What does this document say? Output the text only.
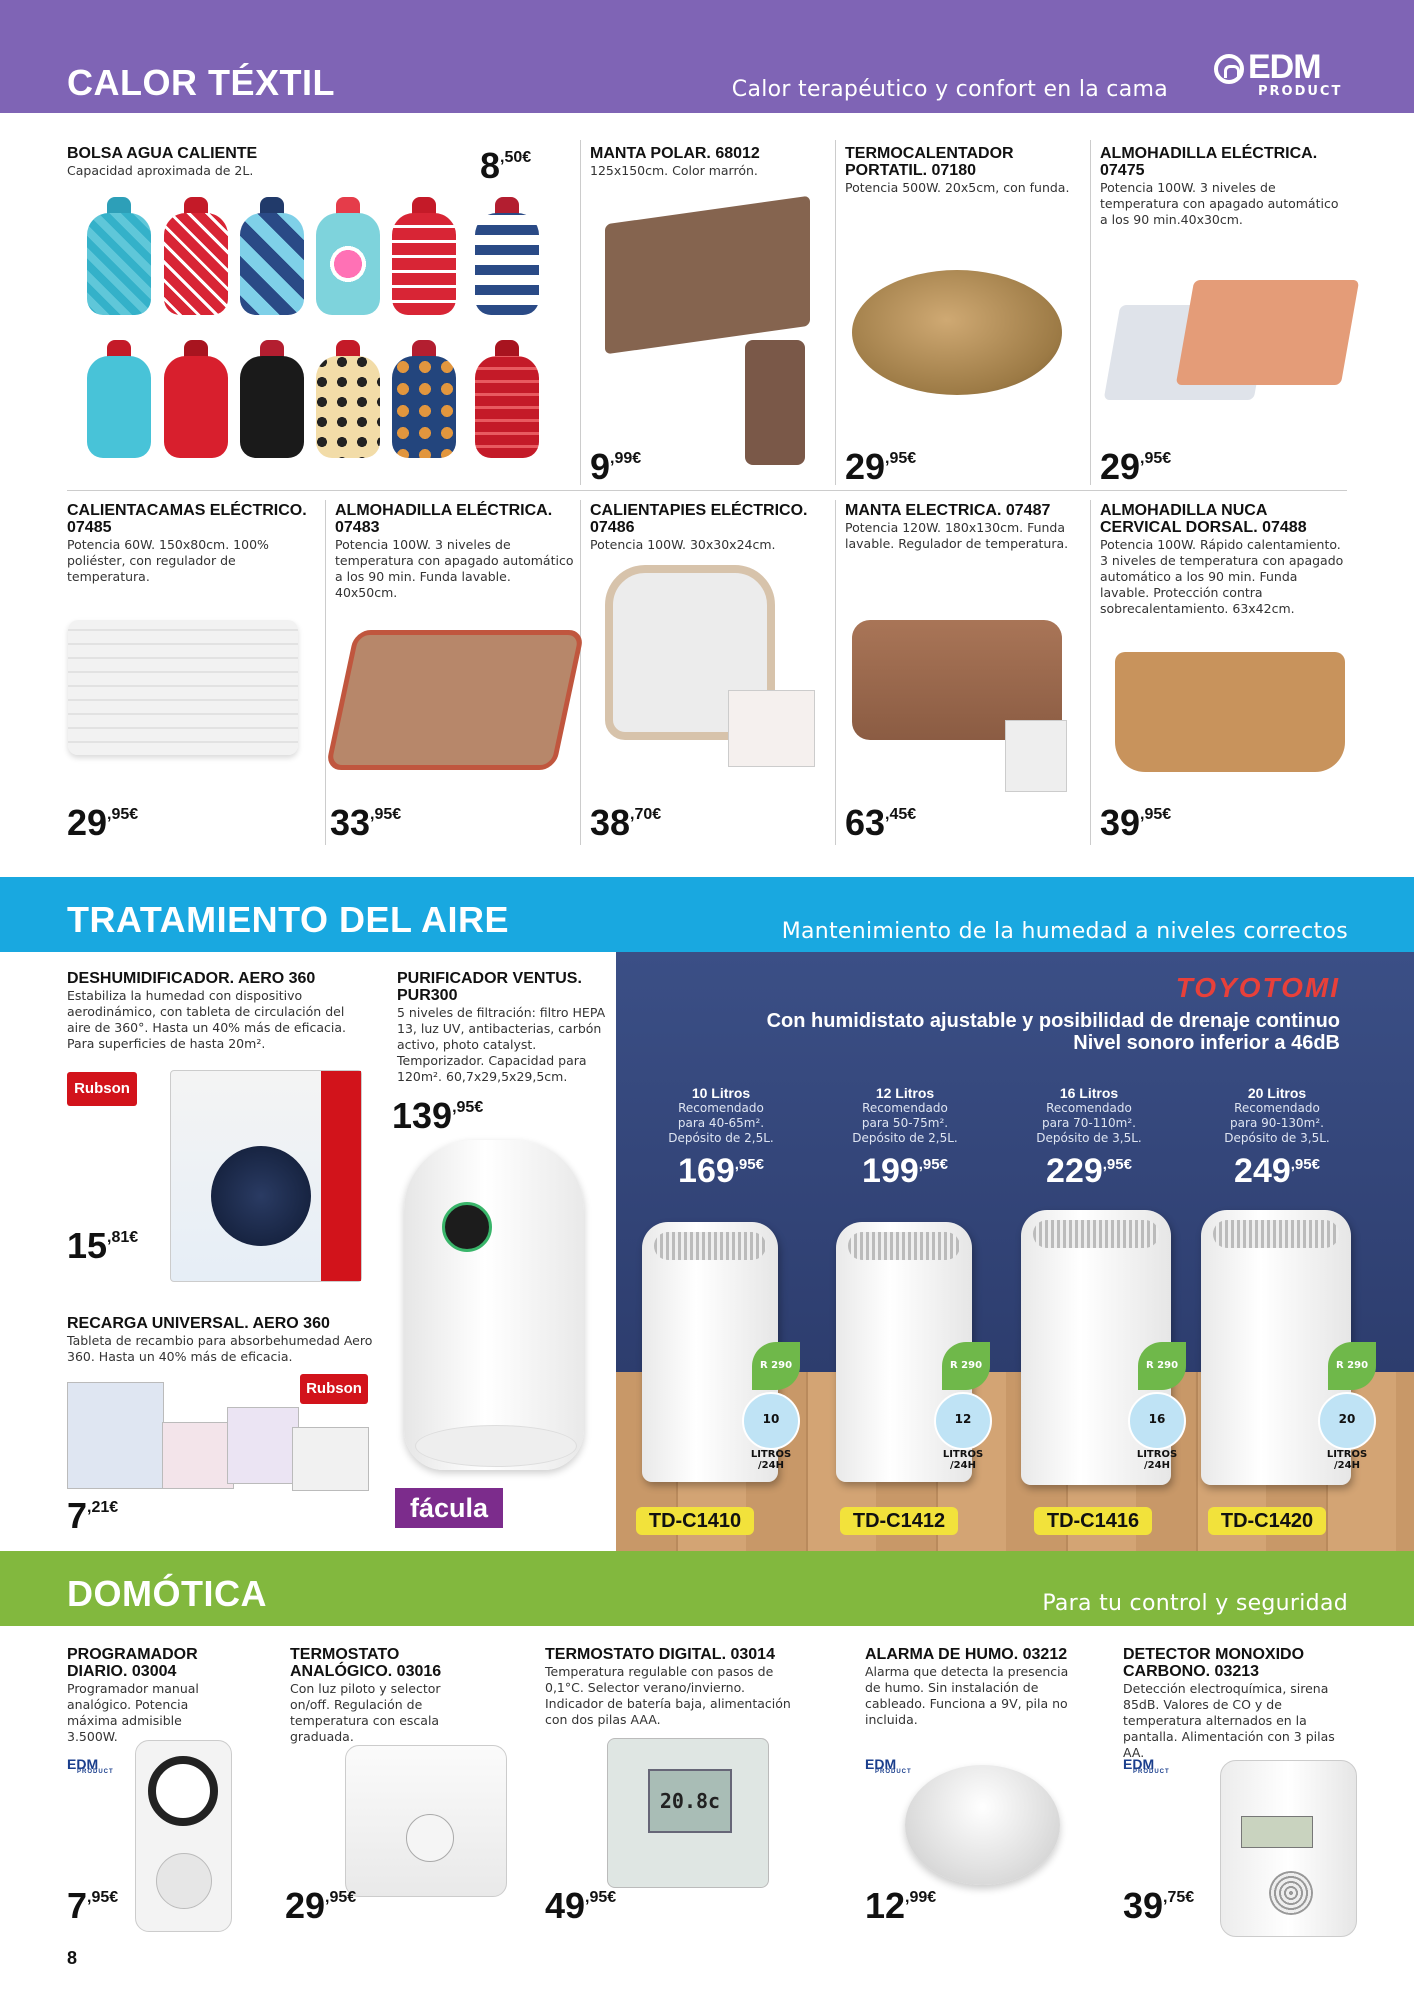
CALOR TÉXTIL	Calor terapéutico y confort en la cama
EDM
PRODUCT
BOLSA AGUA CALIENTE
Capacidad aproximada de 2L.	$8^{,50€}$	MANTA POLAR. 68012
125x150cm. Color marrón.
$9^{,99€}$
TERMOCALENTADOR PORTATIL. 07180
Potencia 500W. 20x5cm, con funda.
$29^{,95€}$
ALMOHADILLA ELÉCTRICA. 07475
Potencia 100W. 3 niveles de temperatura con apagado automático a los 90 min.40x30cm.
$29^{,95€}$
CALIENTACAMAS ELÉCTRICO. 07485
Potencia 60W. 150x80cm. 100% poliéster, con regulador de temperatura.
$29^{,95€}$
ALMOHADILLA ELÉCTRICA. 07483
Potencia 100W. 3 niveles de temperatura con apagado automático a los 90 min. Funda lavable. 40x50cm.
$33^{,95€}$
CALIENTAPIES ELÉCTRICO. 07486
Potencia 100W. 30x30x24cm.
$38^{,70€}$
MANTA ELECTRICA. 07487
Potencia 120W. 180x130cm. Funda lavable. Regulador de temperatura.
$63^{,45€}$
ALMOHADILLA NUCA CERVICAL DORSAL. 07488
Potencia 100W. Rápido calentamiento. 3 niveles de temperatura con apagado automático a los 90 min. Funda lavable. Protección contra sobrecalentamiento. 63x42cm.
$39^{,95€}$
TRATAMIENTO DEL AIRE	Mantenimiento de la humedad a niveles correctos
DESHUMIDIFICADOR. AERO 360
Estabiliza la humedad con dispositivo aerodinámico, con tableta de circulación del aire de 360°. Hasta un 40% más de eficacia. Para superficies de hasta 20m².
Rubson
$15^{,81€}$
PURIFICADOR VENTUS. PUR300
5 niveles de filtración: filtro HEPA 13, luz UV, antibacterias, carbón activo, photo catalyst. Temporizador. Capacidad para 120m². 60,7x29,5x29,5cm.
$139^{,95€}$
fácula
RECARGA UNIVERSAL. AERO 360
Tableta de recambio para absorbehumedad Aero 360. Hasta un 40% más de eficacia.
Rubson
$7^{,21€}$
TOYOTOMI
Con humidistato ajustable y posibilidad de drenaje continuo
Nivel sonoro inferior a 46dB
10 Litros
Recomendado
para 40-65m².
Depósito de 2,5L.
$169^{,95€}$
12 Litros
Recomendado
para 50-75m².
Depósito de 2,5L.
$199^{,95€}$
16 Litros
Recomendado
para 70-110m².
Depósito de 3,5L.
$229^{,95€}$
20 Litros
Recomendado
para 90-130m².
Depósito de 3,5L.
$249^{,95€}$
R 290	R 290	R 290	R 290
10	12	16	20
LITROS /24H
LITROS /24H
LITROS /24H
LITROS /24H
TD-C1410	TD-C1412	TD-C1416	TD-C1420
DOMÓTICA	Para tu control y seguridad
PROGRAMADOR DIARIO. 03004
Programador manual analógico. Potencia máxima admisible 3.500W.
EDM
PRODUCT
$7^{,95€}$
TERMOSTATO ANALÓGICO. 03016
Con luz piloto y selector on/off. Regulación de temperatura con escala graduada.
$29^{,95€}$
TERMOSTATO DIGITAL. 03014
Temperatura regulable con pasos de 0,1°C. Selector verano/invierno. Indicador de batería baja, alimentación con dos pilas AAA.
20.8c
$49^{,95€}$
ALARMA DE HUMO. 03212
Alarma que detecta la presencia de humo. Sin instalación de cableado. Funciona a 9V, pila no incluida.
EDM
PRODUCT
$12^{,99€}$
DETECTOR MONOXIDO CARBONO. 03213
Detección electroquímica, sirena 85dB. Valores de CO y de temperatura alternados en la pantalla. Alimentación con 3 pilas AA.
EDM
PRODUCT
$39^{,75€}$
8
